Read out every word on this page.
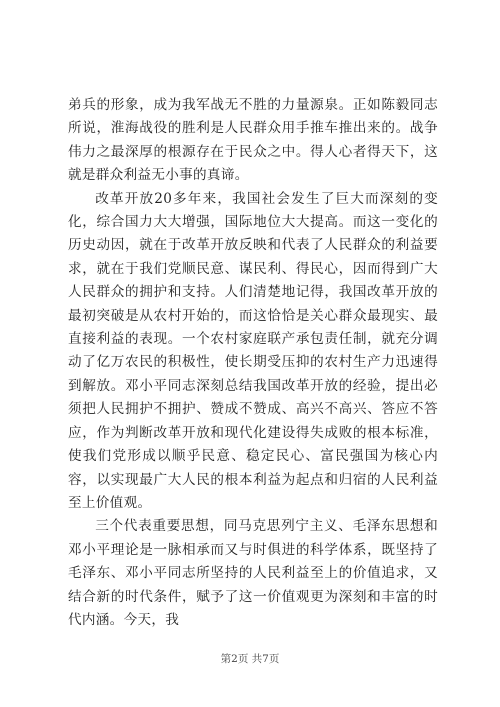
弟兵的形象，成为我军战无不胜的力量源泉。正如陈毅同志所说，淮海战役的胜利是人民群众用手推车推出来的。战争伟力之最深厚的根源存在于民众之中。得人心者得天下，这就是群众利益无小事的真谛。

改革开放20多年来，我国社会发生了巨大而深刻的变化，综合国力大大增强，国际地位大大提高。而这一变化的历史动因，就在于改革开放反映和代表了人民群众的利益要求，就在于我们党顺民意、谋民利、得民心，因而得到广大人民群众的拥护和支持。人们清楚地记得，我国改革开放的最初突破是从农村开始的，而这恰恰是关心群众最现实、最直接利益的表现。一个农村家庭联产承包责任制，就充分调动了亿万农民的积极性，使长期受压抑的农村生产力迅速得到解放。邓小平同志深刻总结我国改革开放的经验，提出必须把人民拥护不拥护、赞成不赞成、高兴不高兴、答应不答应，作为判断改革开放和现代化建设得失成败的根本标准，使我们党形成以顺乎民意、稳定民心、富民强国为核心内容，以实现最广大人民的根本利益为起点和归宿的人民利益至上价值观。

三个代表重要思想，同马克思列宁主义、毛泽东思想和邓小平理论是一脉相承而又与时俱进的科学体系，既坚持了毛泽东、邓小平同志所坚持的人民利益至上的价值追求，又结合新的时代条件，赋予了这一价值观更为深刻和丰富的时代内涵。今天，我

第2页 共7页
